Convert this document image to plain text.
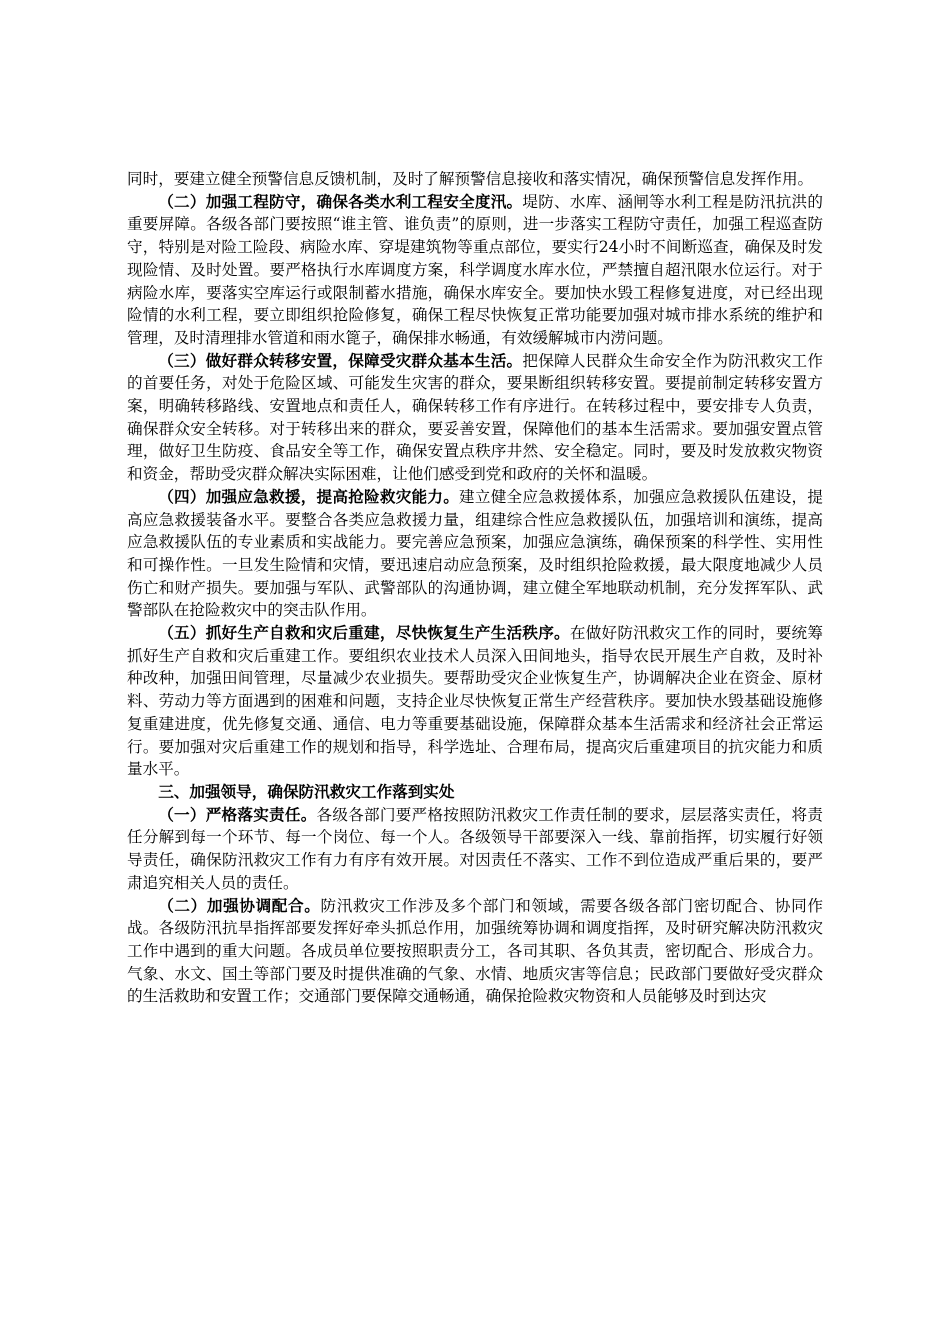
同时，要建立健全预警信息反馈机制，及时了解预警信息接收和落实情况，确保预警信息发挥作用。

（二）加强工程防守，确保各类水利工程安全度汛。堤防、水库、涵闸等水利工程是防汛抗洪的重要屏障。各级各部门要按照“谁主管、谁负责”的原则，进一步落实工程防守责任，加强工程巡查防守，特别是对险工险段、病险水库、穿堤建筑物等重点部位，要实行24小时不间断巡查，确保及时发现险情、及时处置。要严格执行水库调度方案，科学调度水库水位，严禁擅自超汛限水位运行。对于病险水库，要落实空库运行或限制蓄水措施，确保水库安全。要加快水毁工程修复进度，对已经出现险情的水利工程，要立即组织抢险修复，确保工程尽快恢复正常功能要加强对城市排水系统的维护和管理，及时清理排水管道和雨水篦子，确保排水畅通，有效缓解城市内涝问题。

（三）做好群众转移安置，保障受灾群众基本生活。把保障人民群众生命安全作为防汛救灾工作的首要任务，对处于危险区域、可能发生灾害的群众，要果断组织转移安置。要提前制定转移安置方案，明确转移路线、安置地点和责任人，确保转移工作有序进行。在转移过程中，要安排专人负责，确保群众安全转移。对于转移出来的群众，要妥善安置，保障他们的基本生活需求。要加强安置点管理，做好卫生防疫、食品安全等工作，确保安置点秩序井然、安全稳定。同时，要及时发放救灾物资和资金，帮助受灾群众解决实际困难，让他们感受到党和政府的关怀和温暖。

（四）加强应急救援，提高抢险救灾能力。建立健全应急救援体系，加强应急救援队伍建设，提高应急救援装备水平。要整合各类应急救援力量，组建综合性应急救援队伍，加强培训和演练，提高应急救援队伍的专业素质和实战能力。要完善应急预案，加强应急演练，确保预案的科学性、实用性和可操作性。一旦发生险情和灾情，要迅速启动应急预案，及时组织抢险救援，最大限度地减少人员伤亡和财产损失。要加强与军队、武警部队的沟通协调，建立健全军地联动机制，充分发挥军队、武警部队在抢险救灾中的突击队作用。

（五）抓好生产自救和灾后重建，尽快恢复生产生活秩序。在做好防汛救灾工作的同时，要统筹抓好生产自救和灾后重建工作。要组织农业技术人员深入田间地头，指导农民开展生产自救，及时补种改种，加强田间管理，尽量减少农业损失。要帮助受灾企业恢复生产，协调解决企业在资金、原材料、劳动力等方面遇到的困难和问题，支持企业尽快恢复正常生产经营秩序。要加快水毁基础设施修复重建进度，优先修复交通、通信、电力等重要基础设施，保障群众基本生活需求和经济社会正常运行。要加强对灾后重建工作的规划和指导，科学选址、合理布局，提高灾后重建项目的抗灾能力和质量水平。

三、加强领导，确保防汛救灾工作落到实处

（一）严格落实责任。各级各部门要严格按照防汛救灾工作责任制的要求，层层落实责任，将责任分解到每一个环节、每一个岗位、每一个人。各级领导干部要深入一线、靠前指挥，切实履行好领导责任，确保防汛救灾工作有力有序有效开展。对因责任不落实、工作不到位造成严重后果的，要严肃追究相关人员的责任。

（二）加强协调配合。防汛救灾工作涉及多个部门和领域，需要各级各部门密切配合、协同作战。各级防汛抗旱指挥部要发挥好牵头抓总作用，加强统筹协调和调度指挥，及时研究解决防汛救灾工作中遇到的重大问题。各成员单位要按照职责分工，各司其职、各负其责，密切配合、形成合力。气象、水文、国土等部门要及时提供准确的气象、水情、地质灾害等信息；民政部门要做好受灾群众的生活救助和安置工作；交通部门要保障交通畅通，确保抢险救灾物资和人员能够及时到达灾
